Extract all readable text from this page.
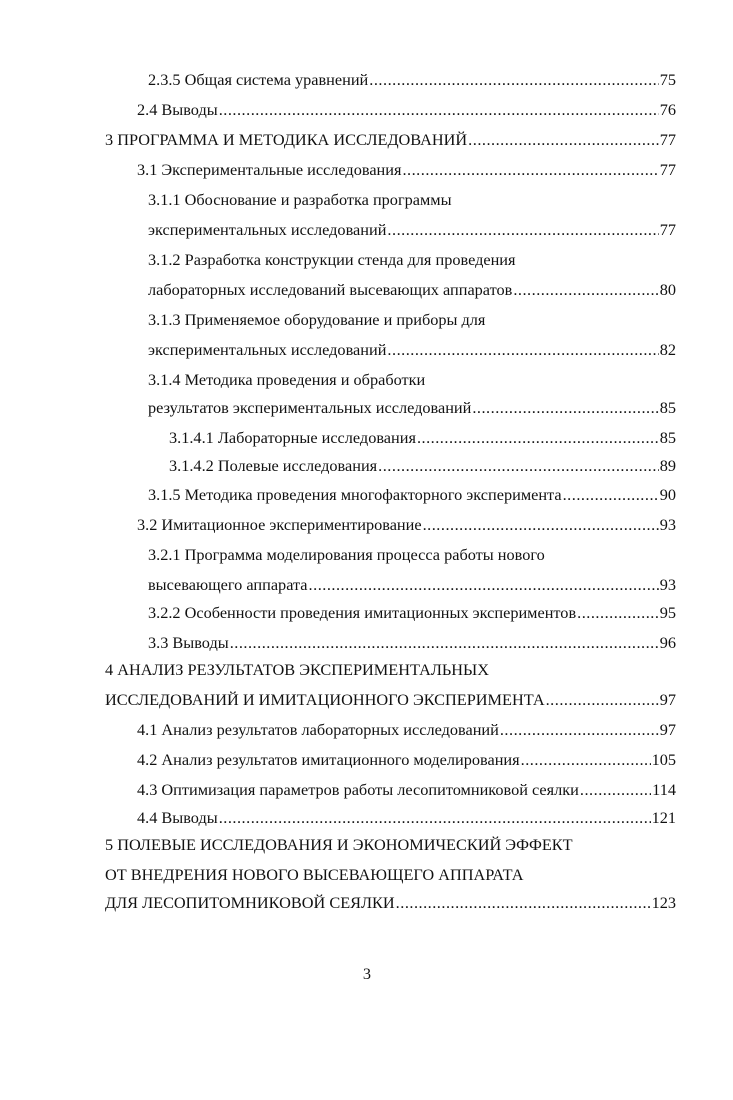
2.3.5 Общая система уравнений .....	75
2.4 Выводы .....	76
3 ПРОГРАММА И МЕТОДИКА ИССЛЕДОВАНИЙ .....	77
3.1 Экспериментальные исследования .....	77
3.1.1 Обоснование и разработка программы
экспериментальных исследований .....	77
3.1.2 Разработка конструкции стенда для проведения
лабораторных исследований высевающих аппаратов .....	80
3.1.3 Применяемое оборудование и приборы для
экспериментальных исследований .....	82
3.1.4 Методика проведения и обработки
результатов экспериментальных исследований .....	85
3.1.4.1 Лабораторные исследования .....	85
3.1.4.2 Полевые исследования .....	89
3.1.5 Методика проведения многофакторного эксперимента .....	90
3.2 Имитационное экспериментирование .....	93
3.2.1 Программа моделирования процесса работы нового
высевающего аппарата .....	93
3.2.2 Особенности проведения имитационных экспериментов .....	95
3.3 Выводы .....	96
4 АНАЛИЗ РЕЗУЛЬТАТОВ ЭКСПЕРИМЕНТАЛЬНЫХ
ИССЛЕДОВАНИЙ И ИМИТАЦИОННОГО ЭКСПЕРИМЕНТА .....	97
4.1 Анализ результатов лабораторных исследований .....	97
4.2 Анализ результатов имитационного моделирования .....	105
4.3 Оптимизация параметров работы лесопитомниковой сеялки .....	114
4.4 Выводы .....	121
5 ПОЛЕВЫЕ ИССЛЕДОВАНИЯ И ЭКОНОМИЧЕСКИЙ ЭФФЕКТ
ОТ ВНЕДРЕНИЯ НОВОГО ВЫСЕВАЮЩЕГО АППАРАТА
ДЛЯ ЛЕСОПИТОМНИКОВОЙ СЕЯЛКИ .....	123
3
